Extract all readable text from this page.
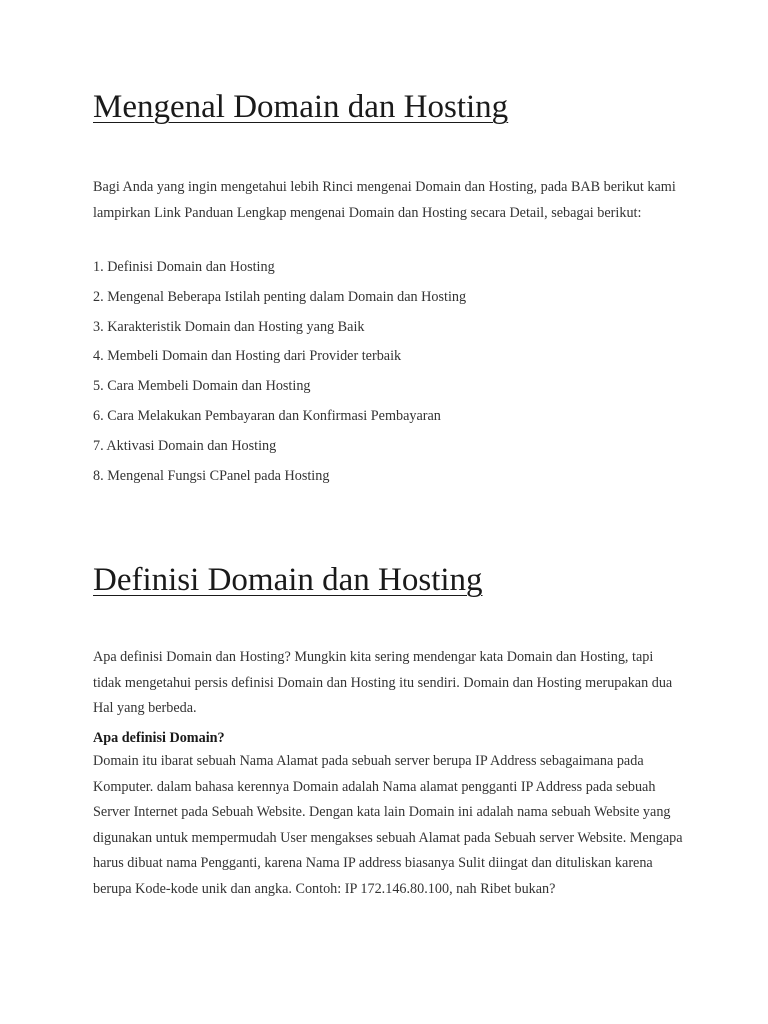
Mengenal Domain dan Hosting

Bagi Anda yang ingin mengetahui lebih Rinci mengenai Domain dan Hosting, pada BAB berikut kami lampirkan Link Panduan Lengkap mengenai Domain dan Hosting secara Detail, sebagai berikut:

1. Definisi Domain dan Hosting
2. Mengenal Beberapa Istilah penting dalam Domain dan Hosting
3. Karakteristik Domain dan Hosting yang Baik
4. Membeli Domain dan Hosting dari Provider terbaik
5. Cara Membeli Domain dan Hosting
6. Cara Melakukan Pembayaran dan Konfirmasi Pembayaran
7. Aktivasi Domain dan Hosting
8. Mengenal Fungsi CPanel pada Hosting
Definisi Domain dan Hosting

Apa definisi Domain dan Hosting? Mungkin kita sering mendengar kata Domain dan Hosting, tapi tidak mengetahui persis definisi Domain dan Hosting itu sendiri. Domain dan Hosting merupakan dua Hal yang berbeda.

Apa definisi Domain?

Domain itu ibarat sebuah Nama Alamat pada sebuah server berupa IP Address sebagaimana pada Komputer. dalam bahasa kerennya Domain adalah Nama alamat pengganti IP Address pada sebuah Server Internet pada Sebuah Website. Dengan kata lain Domain ini adalah nama sebuah Website yang digunakan untuk mempermudah User mengakses sebuah Alamat pada Sebuah server Website. Mengapa harus dibuat nama Pengganti, karena Nama IP address biasanya Sulit diingat dan dituliskan karena berupa Kode-kode unik dan angka. Contoh: IP 172.146.80.100, nah Ribet bukan?
